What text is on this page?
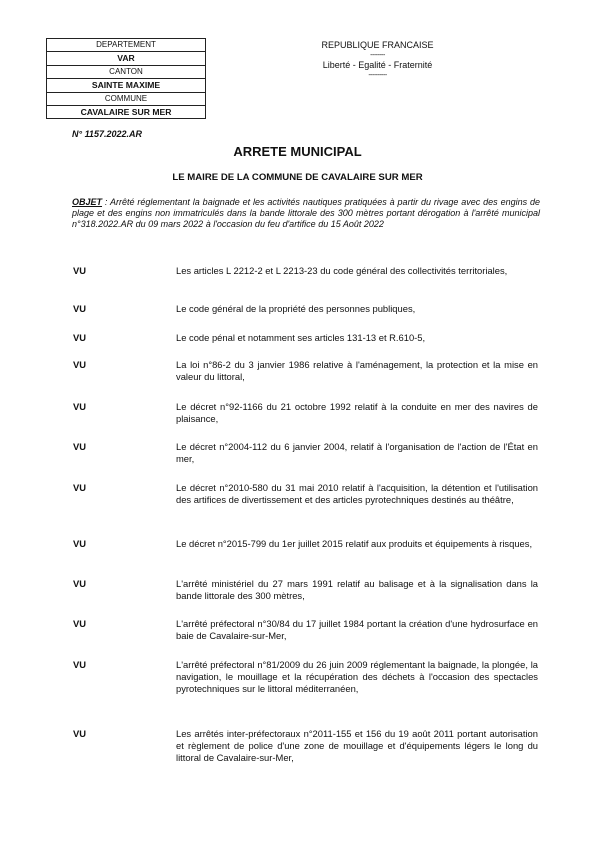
DEPARTEMENT
VAR
CANTON
SAINTE MAXIME
COMMUNE
CAVALAIRE SUR MER
REPUBLIQUE FRANCAISE
--------
Liberté - Egalité - Fraternité
----------
N° 1157.2022.AR
ARRETE MUNICIPAL
LE MAIRE DE LA COMMUNE DE CAVALAIRE SUR MER
OBJET : Arrêté réglementant la baignade et les activités nautiques pratiquées à partir du rivage avec des engins de plage et des engins non immatriculés dans la bande littorale des 300 mètres portant dérogation à l'arrêté municipal n°318.2022.AR du 09 mars 2022 à l'occasion du feu d'artifice du 15 Août 2022
VU	Les articles L 2212-2 et L 2213-23 du code général des collectivités territoriales,
VU	Le code général de la propriété des personnes publiques,
VU	Le code pénal et notamment ses articles 131-13 et R.610-5,
VU	La loi n°86-2 du 3 janvier 1986 relative à l'aménagement, la protection et la mise en valeur du littoral,
VU	Le décret n°92-1166 du 21 octobre 1992 relatif à la conduite en mer des navires de plaisance,
VU	Le décret n°2004-112 du 6 janvier 2004, relatif à l'organisation de l'action de l'État en mer,
VU	Le décret n°2010-580 du 31 mai 2010 relatif à l'acquisition, la détention et l'utilisation des artifices de divertissement et des articles pyrotechniques destinés au théâtre,
VU	Le décret n°2015-799 du 1er juillet 2015 relatif aux produits et équipements à risques,
VU	L'arrêté ministériel du 27 mars 1991 relatif au balisage et à la signalisation dans la bande littorale des 300 mètres,
VU	L'arrêté préfectoral n°30/84 du 17 juillet 1984 portant la création d'une hydrosurface en baie de Cavalaire-sur-Mer,
VU	L'arrêté préfectoral n°81/2009 du 26 juin 2009 réglementant la baignade, la plongée, la navigation, le mouillage et la récupération des déchets à l'occasion des spectacles pyrotechniques sur le littoral méditerranéen,
VU	Les arrêtés inter-préfectoraux n°2011-155 et 156 du 19 août 2011 portant autorisation et règlement de police d'une zone de mouillage et d'équipements légers le long du littoral de Cavalaire-sur-Mer,
